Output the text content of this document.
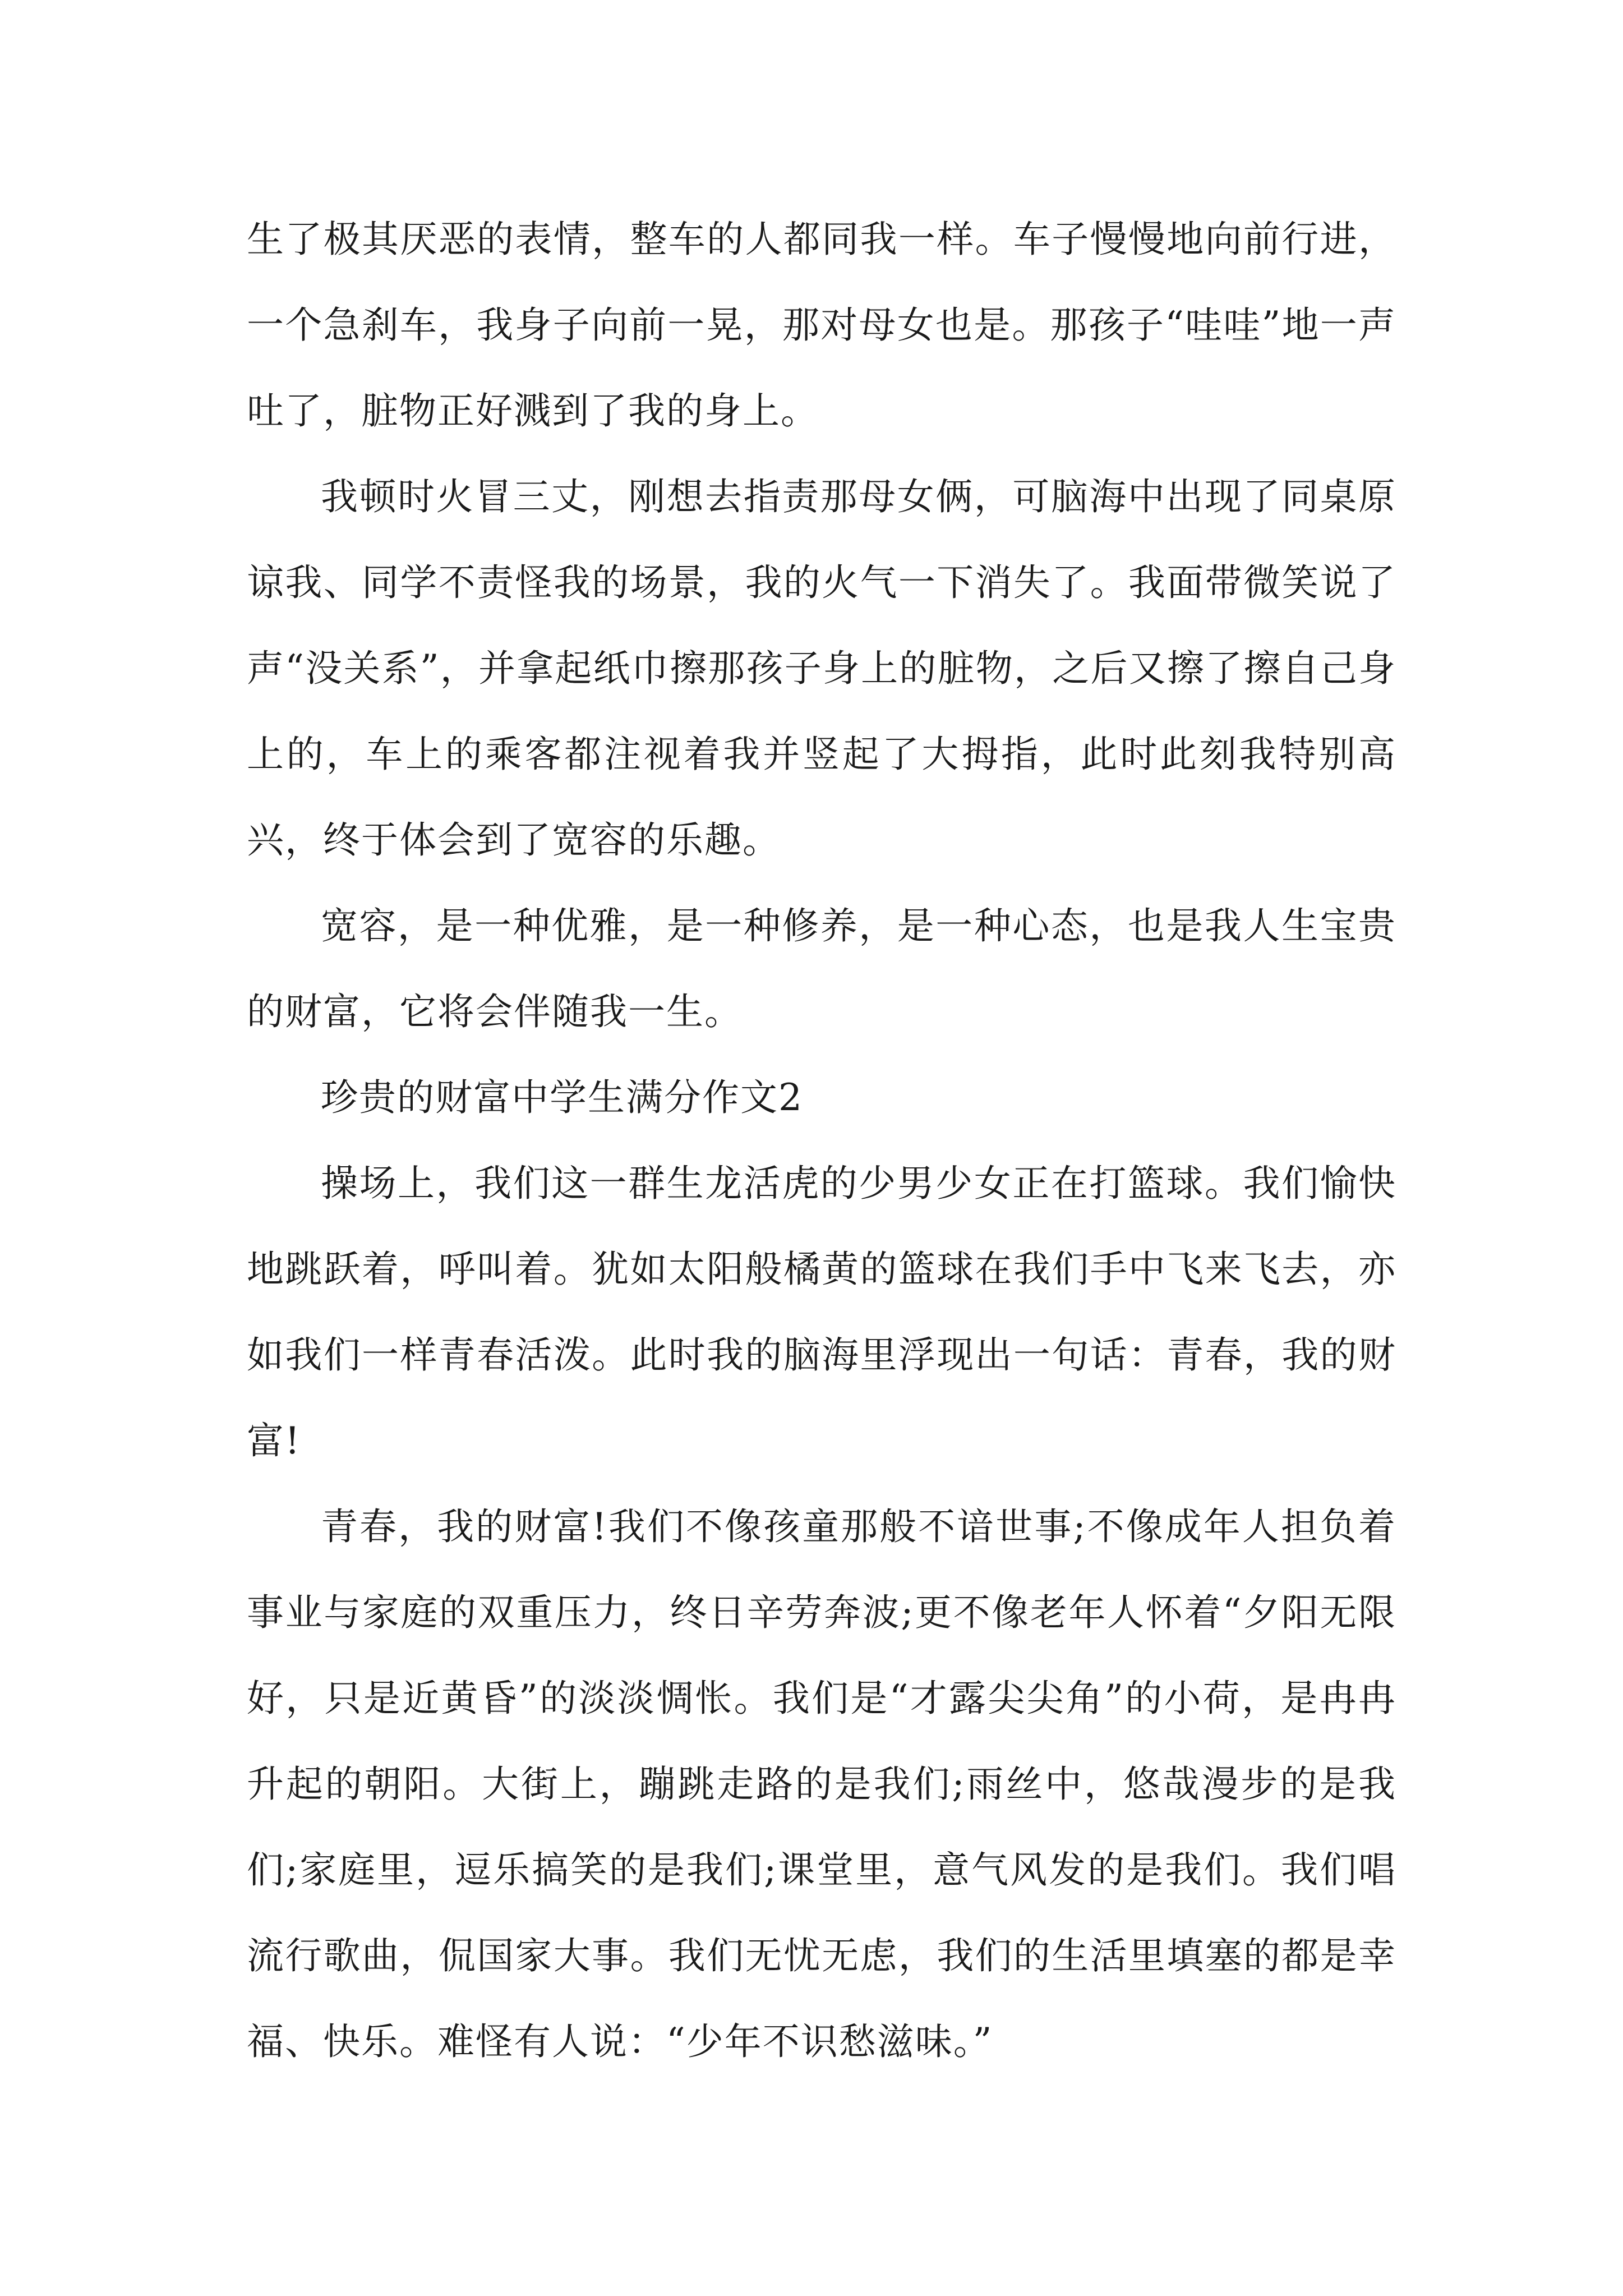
生了极其厌恶的表情，整车的人都同我一样。车子慢慢地向前行进，一个急刹车，我身子向前一晃，那对母女也是。那孩子“哇哇”地一声吐了，脏物正好溅到了我的身上。

我顿时火冒三丈，刚想去指责那母女俩，可脑海中出现了同桌原谅我、同学不责怪我的场景，我的火气一下消失了。我面带微笑说了声“没关系”，并拿起纸巾擦那孩子身上的脏物，之后又擦了擦自己身上的，车上的乘客都注视着我并竖起了大拇指，此时此刻我特别高兴，终于体会到了宽容的乐趣。

宽容，是一种优雅，是一种修养，是一种心态，也是我人生宝贵的财富，它将会伴随我一生。

珍贵的财富中学生满分作文2

操场上，我们这一群生龙活虎的少男少女正在打篮球。我们愉快地跳跃着，呼叫着。犹如太阳般橘黄的篮球在我们手中飞来飞去，亦如我们一样青春活泼。此时我的脑海里浮现出一句话：青春，我的财富!

青春，我的财富!我们不像孩童那般不谙世事;不像成年人担负着事业与家庭的双重压力，终日辛劳奔波;更不像老年人怀着“夕阳无限好，只是近黄昏”的淡淡惆怅。我们是“才露尖尖角”的小荷，是冉冉升起的朝阳。大街上，蹦跳走路的是我们;雨丝中，悠哉漫步的是我们;家庭里，逗乐搞笑的是我们;课堂里，意气风发的是我们。我们唱流行歌曲，侃国家大事。我们无忧无虑，我们的生活里填塞的都是幸福、快乐。难怪有人说：“少年不识愁滋味。”
